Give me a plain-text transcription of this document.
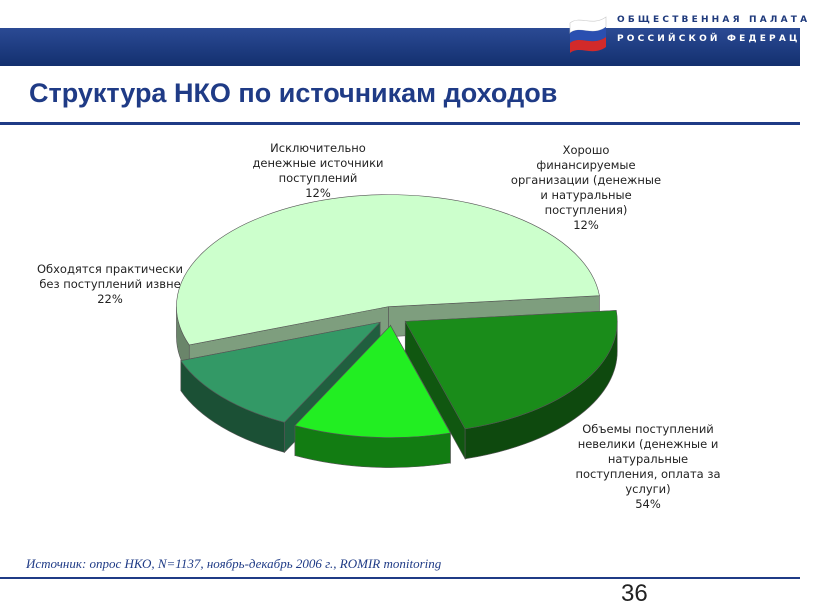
ОБЩЕСТВЕННАЯ ПАЛАТА
РОССИЙСКОЙ ФЕДЕРАЦИИ
Структура НКО по источникам доходов
Объемы поступлений невелики (денежные и натуральные поступления, оплата за услуги) 54%
Обходятся практически без поступлений извне 22%
Исключительно денежные источники поступлений 12%
Хорошо финансируемые организации (денежные и натуральные поступления) 12%
Источник: опрос НКО, N=1137, ноябрь-декабрь 2006 г., ROMIR monitoring
36
